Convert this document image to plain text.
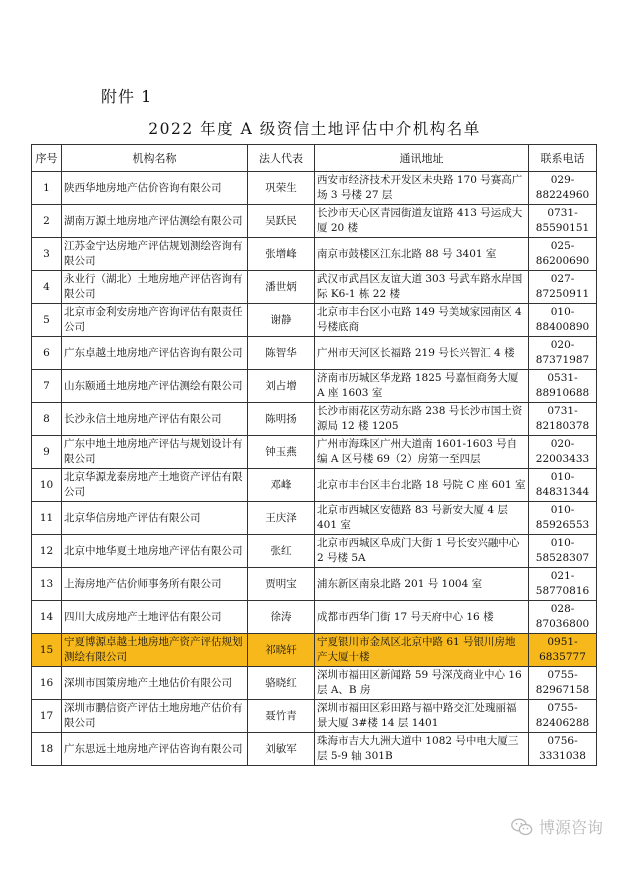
附件 1
2022 年度 A 级资信土地评估中介机构名单
序号	机构名称	法人代表	通讯地址	联系电话
1	陕西华地房地产估价咨询有限公司	巩荣生	西安市经济技术开发区未央路 170 号赛高广场 3 号楼 27 层	029-88224960
2	湖南万源土地房地产评估测绘有限公司	吴跃民	长沙市天心区青园街道友谊路 413 号运成大厦 20 楼	0731-85590151
3	江苏金宁达房地产评估规划测绘咨询有限公司	张增峰	南京市鼓楼区江东北路 88 号 3401 室	025-86200690
4	永业行（湖北）土地房地产评估咨询有限公司	潘世炳	武汉市武昌区友谊大道 303 号武车路水岸国际 K6-1 栋 22 楼	027-87250911
5	北京市金利安房地产咨询评估有限责任公司	谢静	北京市丰台区小屯路 149 号美域家园南区 4 号楼底商	010-88400890
6	广东卓越土地房地产评估咨询有限公司	陈智华	广州市天河区长福路 219 号长兴智汇 4 楼	020-87371987
7	山东颐通土地房地产评估测绘有限公司	刘占增	济南市历城区华龙路 1825 号嘉恒商务大厦 A 座 1603 室	0531-88910688
8	长沙永信土地房地产评估有限公司	陈明扬	长沙市雨花区劳动东路 238 号长沙市国土资源局 12 楼 1205	0731-82180378
9	广东中地土地房地产评估与规划设计有限公司	钟玉燕	广州市海珠区广州大道南 1601-1603 号自编 A 区号楼 69（2）房第一至四层	020-22003433
10	北京华源龙泰房地产土地资产评估有限公司	邓峰	北京市丰台区丰台北路 18 号院 C 座 601 室	010-84831344
11	北京华信房地产评估有限公司	王庆泽	北京市西城区安德路 83 号新安大厦 4 层 401 室	010-85926553
12	北京中地华夏土地房地产评估有限公司	张红	北京市西城区阜成门大街 1 号长安兴融中心 2 号楼 5A	010-58528307
13	上海房地产估价师事务所有限公司	贾明宝	浦东新区南泉北路 201 号 1004 室	021-58770816
14	四川大成房地产土地评估有限公司	徐涛	成都市西华门街 17 号天府中心 16 楼	028-87036800
15	宁夏博源卓越土地房地产资产评估规划测绘有限公司	祁晓轩	宁夏银川市金凤区北京中路 61 号银川房地产大厦十楼	0951-6835777
16	深圳市国策房地产土地估价有限公司	骆晓红	深圳市福田区新闻路 59 号深茂商业中心 16 层 A、B 房	0755-82967158
17	深圳市鹏信资产评估土地房地产估价有限公司	聂竹青	深圳市福田区彩田路与福中路交汇处瑰丽福景大厦 3#楼 14 层 1401	0755-82406288
18	广东思远土地房地产评估咨询有限公司	刘敏军	珠海市吉大九洲大道中 1082 号中电大厦三层 5-9 轴 301B	0756-3331038
博源咨询
